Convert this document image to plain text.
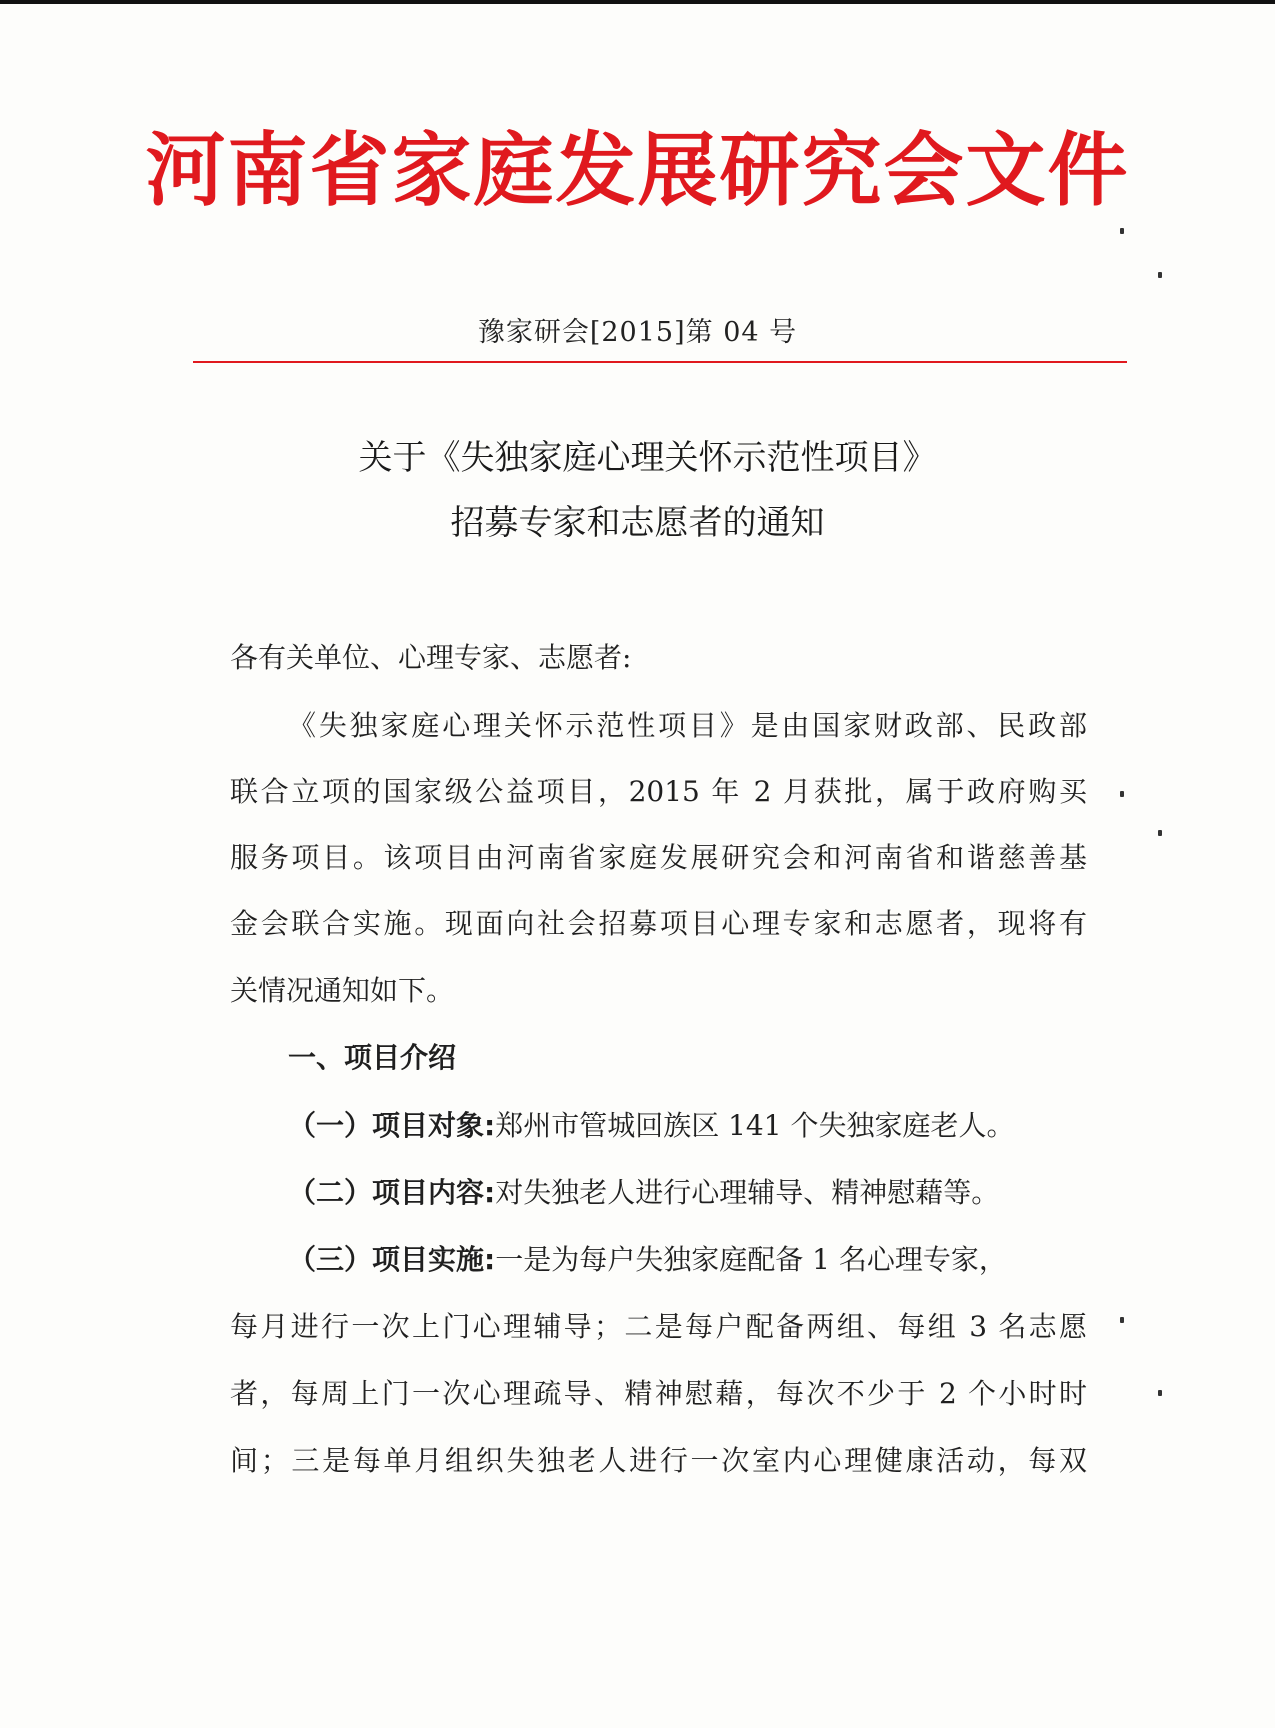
河南省家庭发展研究会文件
豫家研会[2015]第 04 号
关于《失独家庭心理关怀示范性项目》
招募专家和志愿者的通知
各有关单位、心理专家、志愿者:
《失独家庭心理关怀示范性项目》是由国家财政部、民政部
联合立项的国家级公益项目，2015 年 2 月获批，属于政府购买
服务项目。该项目由河南省家庭发展研究会和河南省和谐慈善基
金会联合实施。现面向社会招募项目心理专家和志愿者，现将有
关情况通知如下。
一、项目介绍
（一）项目对象:郑州市管城回族区 141 个失独家庭老人。
（二）项目内容:对失独老人进行心理辅导、精神慰藉等。
（三）项目实施:一是为每户失独家庭配备 1 名心理专家，
每月进行一次上门心理辅导；二是每户配备两组、每组 3 名志愿
者，每周上门一次心理疏导、精神慰藉，每次不少于 2 个小时时
间；三是每单月组织失独老人进行一次室内心理健康活动，每双
